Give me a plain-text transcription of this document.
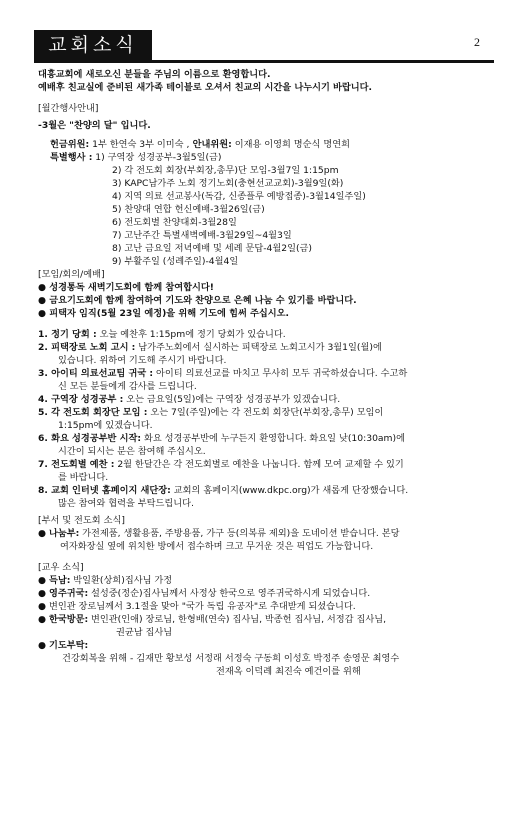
교회소식	2
대흥교회에 새로오신 분들을 주님의 이름으로 환영합니다.
예배후 친교실에 준비된 새가족 테이블로 오셔서 친교의 시간을 나누시기 바랍니다.
[월간행사안내]
-3월은 "찬양의 달" 입니다.
헌금위원: 1부 한연숙 3부 이미숙 , 안내위원: 이재용 이영희 명순식 명연희
특별행사 : 1) 구역장 성경공부-3월5일(금)
2) 각 전도회 회장(부회장,총무)단 모임-3월7일 1:15pm
3) KAPC남가주 노회 정기노회(충현선교교회)-3월9일(화)
4) 지역 의료 선교봉사(독감, 신종플루 예방접종)-3월14일주일)
5) 찬양대 연합 헌신예배-3월26일(금)
6) 전도회별 찬양대회-3월28일
7) 고난주간 특별새벽예배-3월29일~4월3일
8) 고난 금요일 저녁예배 및 세례 문답-4월2일(금)
9) 부활주일 (성례주일)-4월4일
[모임/회의/예배]
● 성경통독 새벽기도회에 함께 참여합시다!
● 금요기도회에 함께 참여하여 기도와 찬양으로 은혜 나눔 수 있기를 바랍니다.
● 피택자 임직(5월 23일 예정)을 위해 기도에 힘써 주십시오.
1. 정기 당회 : 오늘 예찬후 1:15pm에 정기 당회가 있습니다.
2. 피택장로 노회 고시 : 남가주노회에서 실시하는 피택장로 노회고시가 3월1일(월)에
있습니다. 위하여 기도해 주시기 바랍니다.
3. 아이티 의료선교팀 귀국 : 아이티 의료선교를 마치고 무사히 모두 귀국하셨습니다. 수고하
신 모든 분들에게 감사를 드립니다.
4. 구역장 성경공부 : 오는 금요일(5일)에는 구역장 성경공부가 있겠습니다.
5. 각 전도회 회장단 모임 : 오는 7일(주일)에는 각 전도회 회장단(부회장,총무) 모임이
1:15pm에 있겠습니다.
6. 화요 성경공부반 시작: 화요 성경공부반에 누구든지 환영합니다. 화요일 낮(10:30am)에
시간이 되시는 분은 참여해 주십시오.
7. 전도회별 예찬 : 2월 한달간은 각 전도회별로 예찬을 나눕니다. 함께 모여 교제할 수 있기
를 바랍니다.
8. 교회 인터넷 홈페이지 새단장: 교회의 홈페이지(www.dkpc.org)가 새롭게 단장했습니다.
많은 참여와 협력을 부탁드립니다.
[부서 및 전도회 소식]
● 나눔부: 가전제품, 생활용품, 주방용품, 가구 등(의복류 제외)을 도네이션 받습니다. 본당
여자화장실 옆에 위치한 방에서 접수하며 크고 무거운 것은 픽업도 가능합니다.
[교우 소식]
● 득남: 박일환(상희)집사님 가정
● 영주귀국: 설성중(정순)집사님께서 사정상 한국으로 영주귀국하시게 되었습니다.
● 변인관 장로님께서 3.1절을 맞아 "국가 독립 유공자"로 추대받게 되셨습니다.
● 한국방문: 변인관(인애) 장로님, 한형배(연숙) 집사님, 박종헌 집사님, 서정갑 집사님,
권균남 집사님
● 기도부탁:
건강회복을 위해 - 김재만 황보성 서정래 서정숙 구동희 이성호 박정주 송영문 최영수
전재옥 이덕례 최진숙 예건이를 위해
